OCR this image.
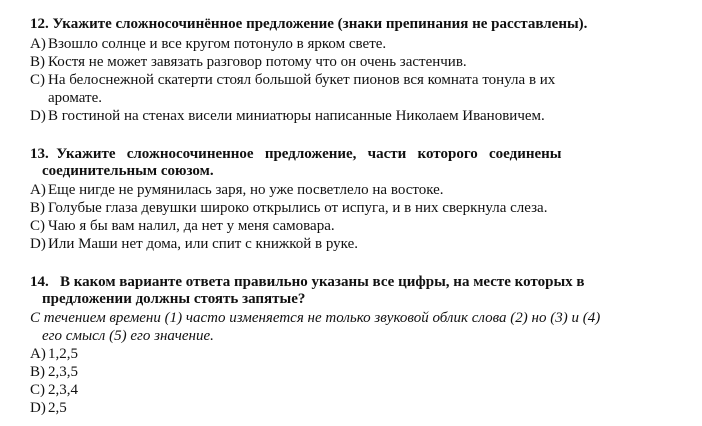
12. Укажите сложносочинённое предложение (знаки препинания не расставлены).
A) Взошло солнце и все кругом потонуло в ярком свете.
B) Костя не может завязать разговор потому что он очень застенчив.
C) На белоснежной скатерти стоял большой букет пионов вся комната тонула в их
аромате.
D) В гостиной на стенах висели миниатюры написанные Николаем Ивановичем.
13.  Укажите   сложносочиненное   предложение,   части   которого   соединены
соединительным союзом.
A) Еще нигде не румянилась заря, но уже посветлело на востоке.
B) Голубые глаза девушки широко открылись от испуга, и в них сверкнула слеза.
C) Чаю я бы вам налил, да нет у меня самовара.
D) Или Маши нет дома, или спит с книжкой в руке.
14.   В каком варианте ответа правильно указаны все цифры, на месте которых в
предложении должны стоять запятые?
С течением времени (1) часто изменяется не только звуковой облик слова (2) но (3) и (4)
его смысл (5) его значение.
A) 1,2,5
B) 2,3,5
C) 2,3,4
D) 2,5
